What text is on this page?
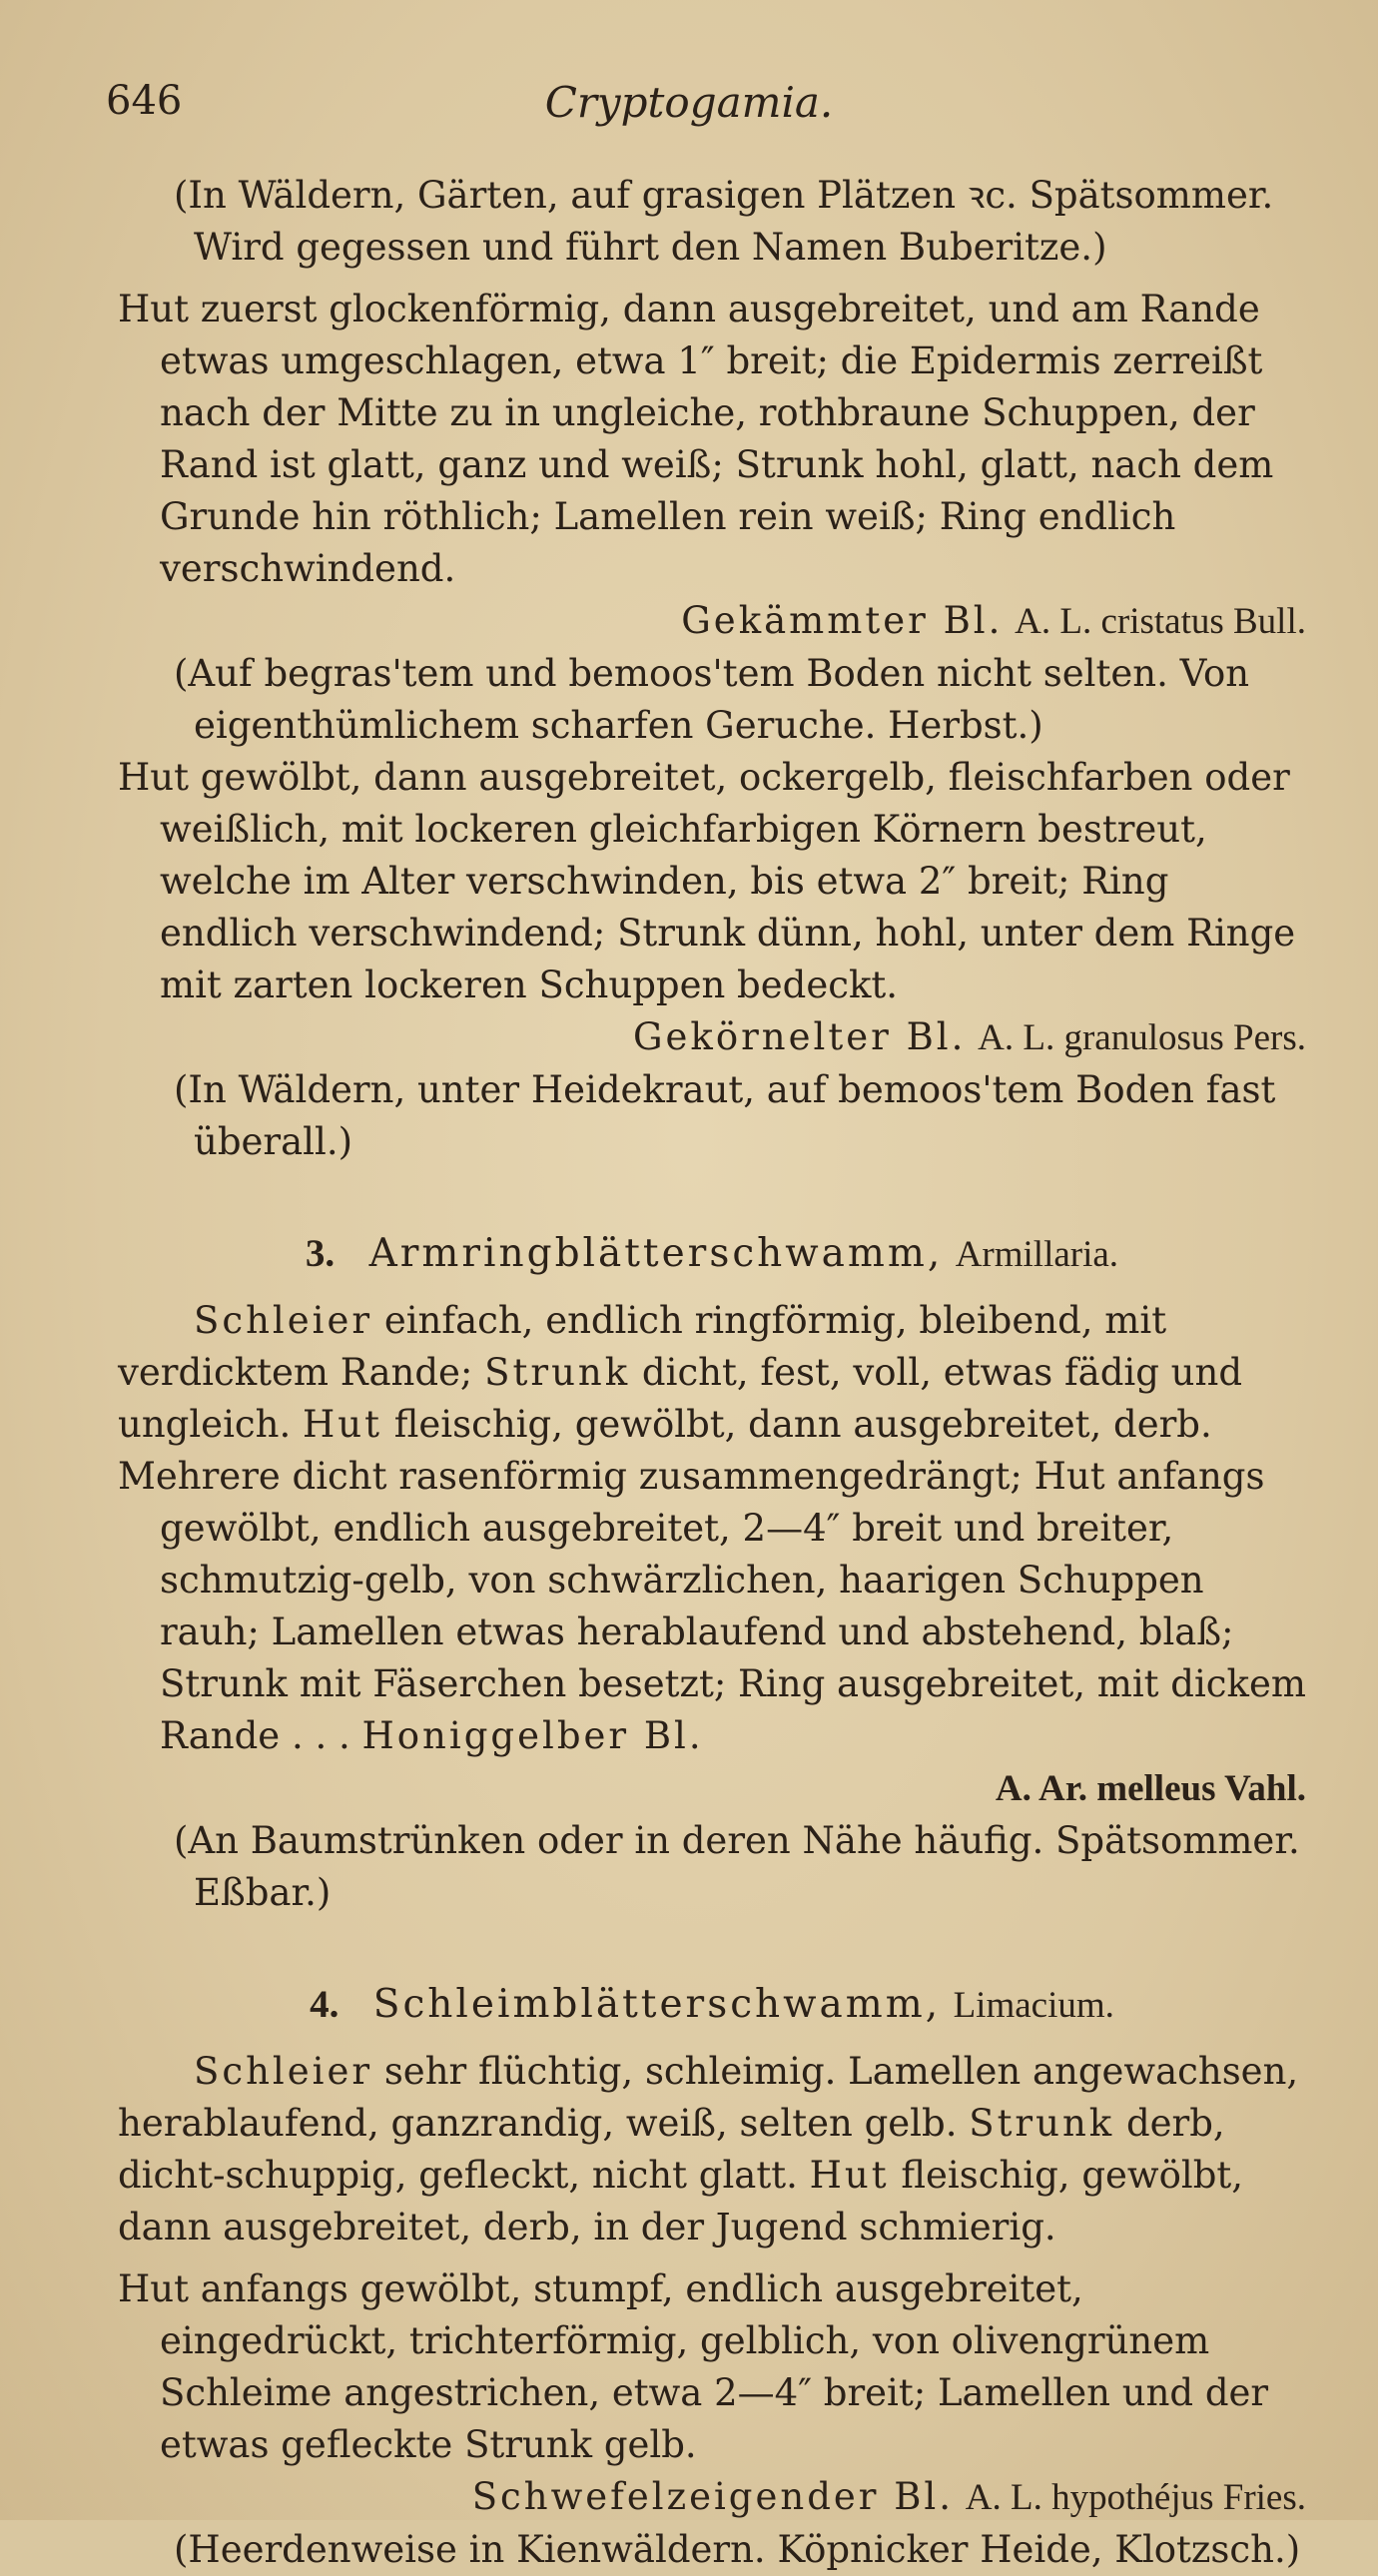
646	Cryptogamia.

(In Wäldern, Gärten, auf grasigen Plätzen ꝛc. Spätsommer. Wird gegessen und führt den Namen Buberitze.)

Hut zuerst glockenförmig, dann ausgebreitet, und am Rande etwas umgeschlagen, etwa 1″ breit; die Epidermis zerreißt nach der Mitte zu in ungleiche, rothbraune Schuppen, der Rand ist glatt, ganz und weiß; Strunk hohl, glatt, nach dem Grunde hin röthlich; Lamellen rein weiß; Ring endlich verschwindend.

Gekämmter Bl. A. L. cristatus Bull.

(Auf begras'tem und bemoos'tem Boden nicht selten. Von eigenthümlichem scharfen Geruche. Herbst.)

Hut gewölbt, dann ausgebreitet, ockergelb, fleischfarben oder weißlich, mit lockeren gleichfarbigen Körnern bestreut, welche im Alter verschwinden, bis etwa 2″ breit; Ring endlich verschwindend; Strunk dünn, hohl, unter dem Ringe mit zarten lockeren Schuppen bedeckt.

Gekörnelter Bl. A. L. granulosus Pers.

(In Wäldern, unter Heidekraut, auf bemoos'tem Boden fast überall.)

3. Armringblätterschwamm, Armillaria.

Schleier einfach, endlich ringförmig, bleibend, mit verdicktem Rande; Strunk dicht, fest, voll, etwas fädig und ungleich. Hut fleischig, gewölbt, dann ausgebreitet, derb.

Mehrere dicht rasenförmig zusammengedrängt; Hut anfangs gewölbt, endlich ausgebreitet, 2—4″ breit und breiter, schmutzig-gelb, von schwärzlichen, haarigen Schuppen rauh; Lamellen etwas herablaufend und abstehend, blaß; Strunk mit Fäserchen besetzt; Ring ausgebreitet, mit dickem Rande . . . Honiggelber Bl.

A. Ar. melleus Vahl.

(An Baumstrünken oder in deren Nähe häufig. Spätsommer. Eßbar.)

4. Schleimblätterschwamm, Limacium.

Schleier sehr flüchtig, schleimig. Lamellen angewachsen, herablaufend, ganzrandig, weiß, selten gelb. Strunk derb, dicht-schuppig, gefleckt, nicht glatt. Hut fleischig, gewölbt, dann ausgebreitet, derb, in der Jugend schmierig.

Hut anfangs gewölbt, stumpf, endlich ausgebreitet, eingedrückt, trichterförmig, gelblich, von olivengrünem Schleime angestrichen, etwa 2—4″ breit; Lamellen und der etwas gefleckte Strunk gelb.

Schwefelzeigender Bl. A. L. hypothéjus Fries.

(Heerdenweise in Kienwäldern. Köpnicker Heide, Klotzsch.)
